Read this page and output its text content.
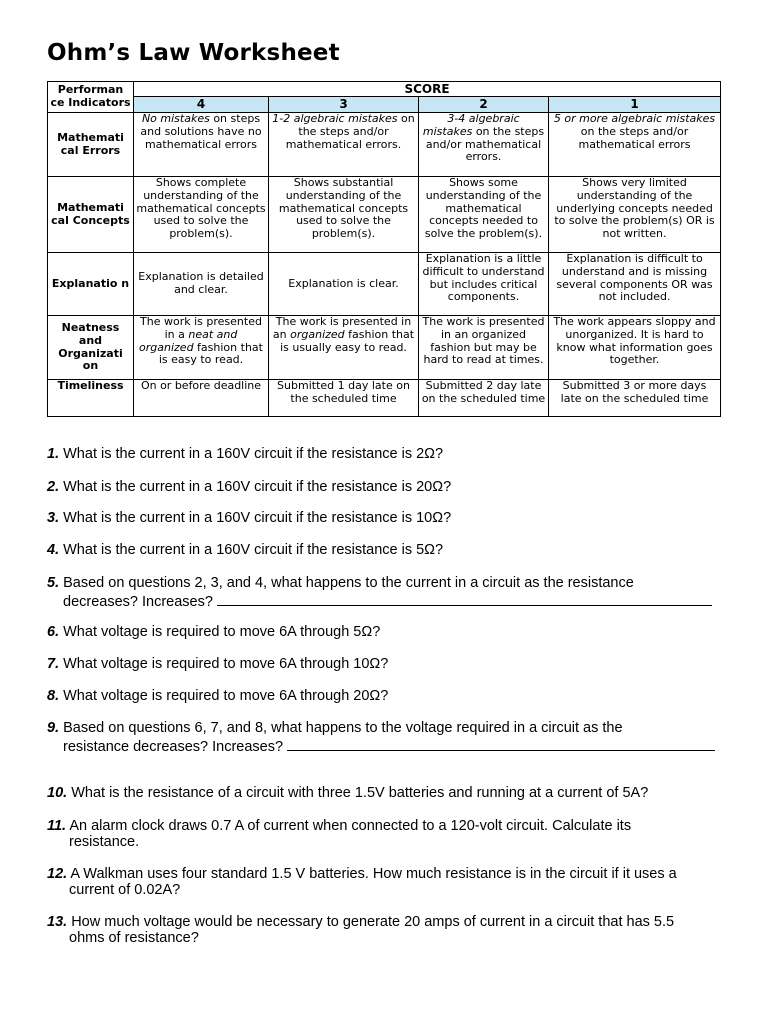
Ohm’s Law Worksheet
Performan ce Indicators	SCORE			
	4	3	2	1
Mathemati cal Errors	No mistakes on steps and solutions have no mathematical errors	1-2 algebraic mistakes on the steps and/or mathematical errors.	3-4 algebraic mistakes on the steps and/or mathematical errors.	5 or more algebraic mistakes on the steps and/or mathematical errors
Mathemati cal Concepts	Shows complete understanding of the mathematical concepts used to solve the problem(s).	Shows substantial understanding of the mathematical concepts used to solve the problem(s).	Shows some understanding of the mathematical concepts needed to solve the problem(s).	Shows very limited understanding of the underlying concepts needed to solve the problem(s) OR is not written.
Explanatio n	Explanation is detailed and clear.	Explanation is clear.	Explanation is a little difficult to understand but includes critical components.	Explanation is difficult to understand and is missing several components OR was not included.
Neatness and Organizati on	The work is presented in a neat and organized fashion that is easy to read.	The work is presented in an organized fashion that is usually easy to read.	The work is presented in an organized fashion but may be hard to read at times.	The work appears sloppy and unorganized. It is hard to know what information goes together.
Timeliness	On or before deadline	Submitted 1 day late on the scheduled time	Submitted 2 day late on the scheduled time	Submitted 3 or more days late on the scheduled time
1. What is the current in a 160V circuit if the resistance is 2Ω?
2. What is the current in a 160V circuit if the resistance is 20Ω?
3. What is the current in a 160V circuit if the resistance is 10Ω?
4. What is the current in a 160V circuit if the resistance is 5Ω?
5. Based on questions 2, 3, and 4, what happens to the current in a circuit as the resistance
decreases? Increases?
6. What voltage is required to move 6A through 5Ω?
7. What voltage is required to move 6A through 10Ω?
8. What voltage is required to move 6A through 20Ω?
9. Based on questions 6, 7, and 8, what happens to the voltage required in a circuit as the
resistance decreases? Increases?
10. What is the resistance of a circuit with three 1.5V batteries and running at a current of 5A?
11. An alarm clock draws 0.7 A of current when connected to a 120-volt circuit. Calculate its
resistance.
12. A Walkman uses four standard 1.5 V batteries. How much resistance is in the circuit if it uses a
current of 0.02A?
13. How much voltage would be necessary to generate 20 amps of current in a circuit that has 5.5
ohms of resistance?
